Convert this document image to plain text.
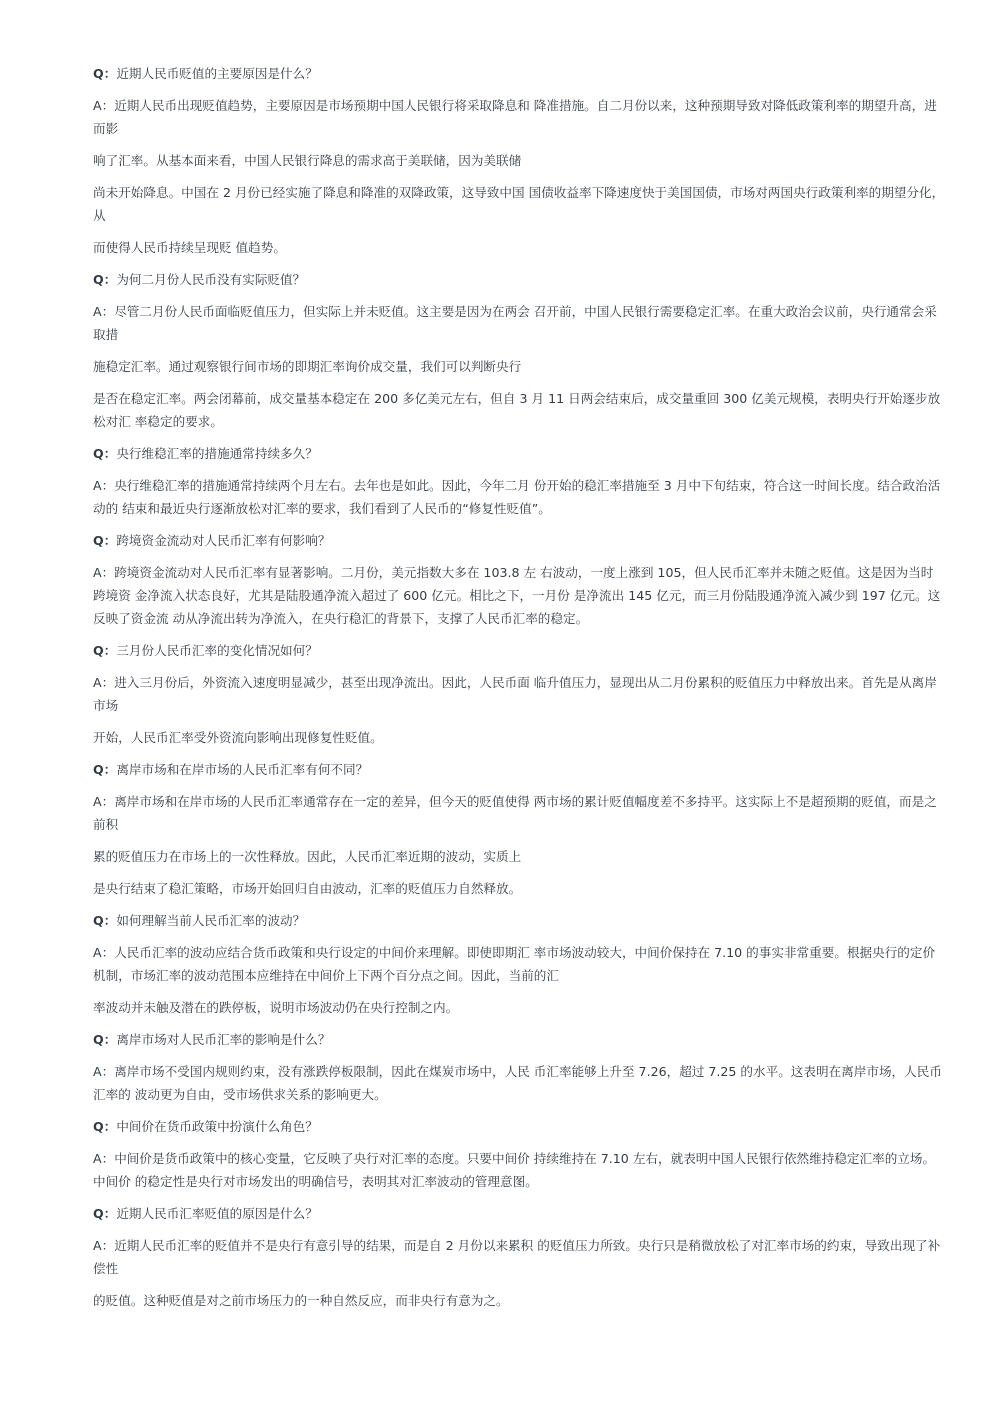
Q：近期人民币贬值的主要原因是什么？

A：近期人民币出现贬值趋势，主要原因是市场预期中国人民银行将采取降息和 降准措施。自二月份以来，这种预期导致对降低政策利率的期望升高，进而影

响了汇率。从基本面来看，中国人民银行降息的需求高于美联储，因为美联储

尚未开始降息。中国在 2 月份已经实施了降息和降准的双降政策，这导致中国 国债收益率下降速度快于美国国债，市场对两国央行政策利率的期望分化，从

而使得人民币持续呈现贬 值趋势。

Q：为何二月份人民币没有实际贬值？

A：尽管二月份人民币面临贬值压力，但实际上并未贬值。这主要是因为在两会 召开前，中国人民银行需要稳定汇率。在重大政治会议前，央行通常会采取措

施稳定汇率。通过观察银行间市场的即期汇率询价成交量，我们可以判断央行

是否在稳定汇率。两会闭幕前，成交量基本稳定在 200 多亿美元左右，但自 3 月 11 日两会结束后，成交量重回 300 亿美元规模，表明央行开始逐步放松对汇 率稳定的要求。

Q：央行维稳汇率的措施通常持续多久？

A：央行维稳汇率的措施通常持续两个月左右。去年也是如此。因此，今年二月 份开始的稳汇率措施至 3 月中下旬结束，符合这一时间长度。结合政治活动的 结束和最近央行逐渐放松对汇率的要求，我们看到了人民币的“修复性贬值”。

Q：跨境资金流动对人民币汇率有何影响？

A：跨境资金流动对人民币汇率有显著影响。二月份，美元指数大多在 103.8 左 右波动，一度上涨到 105，但人民币汇率并未随之贬值。这是因为当时跨境资 金净流入状态良好，尤其是陆股通净流入超过了 600 亿元。相比之下，一月份 是净流出 145 亿元，而三月份陆股通净流入减少到 197 亿元。这反映了资金流 动从净流出转为净流入，在央行稳汇的背景下，支撑了人民币汇率的稳定。

Q：三月份人民币汇率的变化情况如何？

A：进入三月份后，外资流入速度明显减少，甚至出现净流出。因此，人民币面 临升值压力，显现出从二月份累积的贬值压力中释放出来。首先是从离岸市场

开始，人民币汇率受外资流向影响出现修复性贬值。

Q：离岸市场和在岸市场的人民币汇率有何不同？

A：离岸市场和在岸市场的人民币汇率通常存在一定的差异，但今天的贬值使得 两市场的累计贬值幅度差不多持平。这实际上不是超预期的贬值，而是之前积

累的贬值压力在市场上的一次性释放。因此，人民币汇率近期的波动，实质上

是央行结束了稳汇策略，市场开始回归自由波动，汇率的贬值压力自然释放。

Q：如何理解当前人民币汇率的波动？

A：人民币汇率的波动应结合货币政策和央行设定的中间价来理解。即使即期汇 率市场波动较大，中间价保持在 7.10 的事实非常重要。根据央行的定价机制，市场汇率的波动范围本应维持在中间价上下两个百分点之间。因此，当前的汇

率波动并未触及潜在的跌停板，说明市场波动仍在央行控制之内。

Q：离岸市场对人民币汇率的影响是什么？

A：离岸市场不受国内规则约束，没有涨跌停板限制，因此在煤炭市场中，人民 币汇率能够上升至 7.26，超过 7.25 的水平。这表明在离岸市场，人民币汇率的 波动更为自由，受市场供求关系的影响更大。

Q：中间价在货币政策中扮演什么角色？

A：中间价是货币政策中的核心变量，它反映了央行对汇率的态度。只要中间价 持续维持在 7.10 左右，就表明中国人民银行依然维持稳定汇率的立场。中间价 的稳定性是央行对市场发出的明确信号，表明其对汇率波动的管理意图。

Q：近期人民币汇率贬值的原因是什么？

A：近期人民币汇率的贬值并不是央行有意引导的结果，而是自 2 月份以来累积 的贬值压力所致。央行只是稍微放松了对汇率市场的约束，导致出现了补偿性

的贬值。这种贬值是对之前市场压力的一种自然反应，而非央行有意为之。
